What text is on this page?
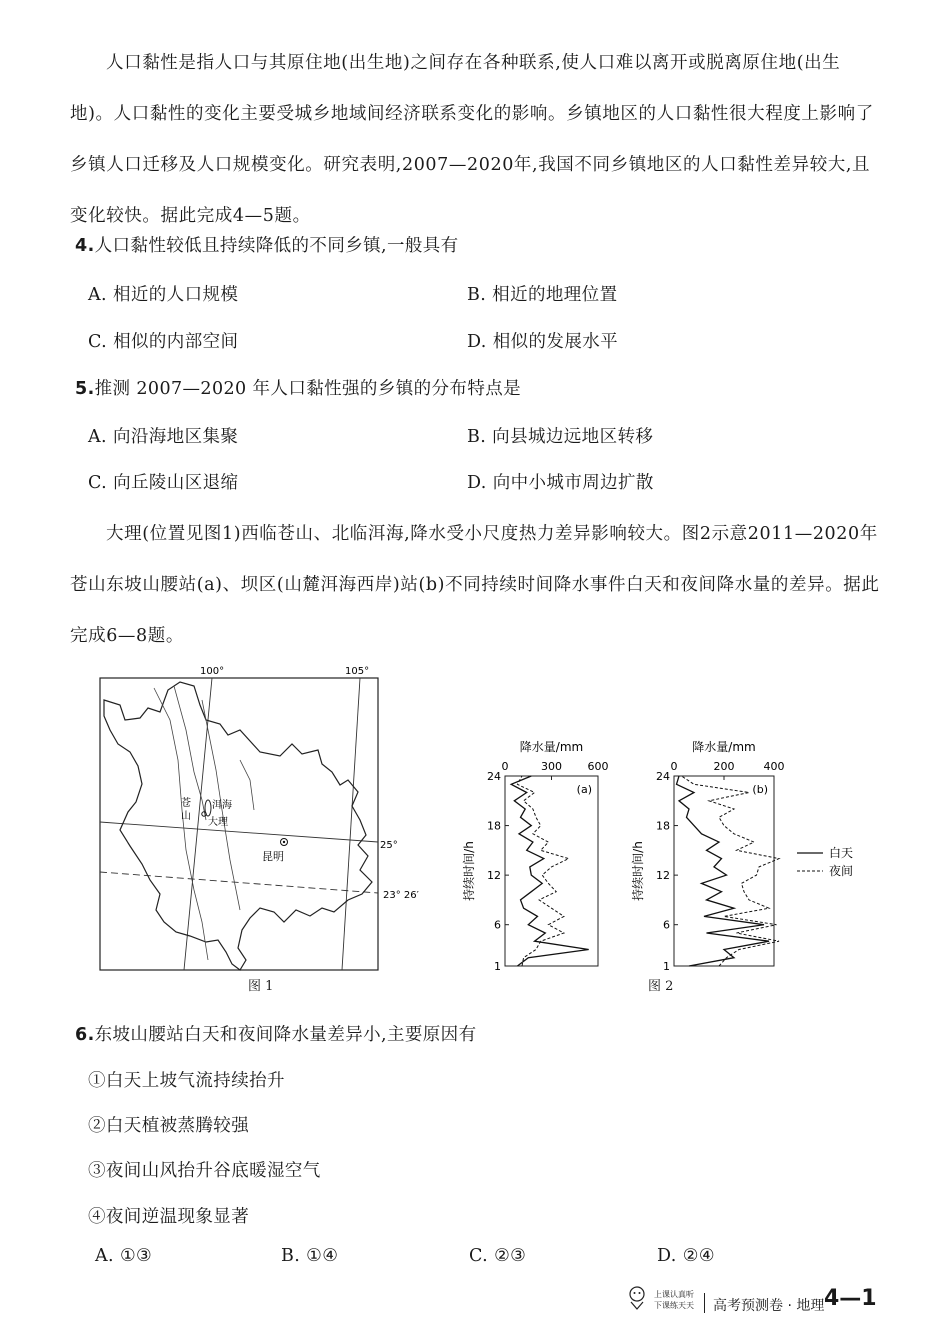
人口黏性是指人口与其原住地(出生地)之间存在各种联系,使人口难以离开或脱离原住地(出生地)。人口黏性的变化主要受城乡地域间经济联系变化的影响。乡镇地区的人口黏性很大程度上影响了乡镇人口迁移及人口规模变化。研究表明,2007—2020年,我国不同乡镇地区的人口黏性差异较大,且变化较快。据此完成4—5题。
4.人口黏性较低且持续降低的不同乡镇,一般具有
A. 相近的人口规模	B. 相近的地理位置
C. 相似的内部空间	D. 相似的发展水平
5.推测 2007—2020 年人口黏性强的乡镇的分布特点是
A. 向沿海地区集聚	B. 向县城边远地区转移
C. 向丘陵山区退缩	D. 向中小城市周边扩散
大理(位置见图1)西临苍山、北临洱海,降水受小尺度热力差异影响较大。图2示意2011—2020年苍山东坡山腰站(a)、坝区(山麓洱海西岸)站(b)不同持续时间降水事件白天和夜间降水量的差异。据此完成6—8题。
100°	105°
25°
23° 26′
苍
山
洱海
大理
昆明
图 1
降水量/mm
0	300 600
1
6
12
18
24
持续时间/h
(a)
降水量/mm
0	200	400
1
6
12
18
24
持续时间/h
(b)
白天
夜间
图 2
6.东坡山腰站白天和夜间降水量差异小,主要原因有
①白天上坡气流持续抬升
②白天植被蒸腾较强
③夜间山风抬升谷底暖湿空气
④夜间逆温现象显著
A. ①③	B. ①④	C. ②③	D. ②④
上课认真听
下课练天天 高考预测卷 · 地理 4—1
